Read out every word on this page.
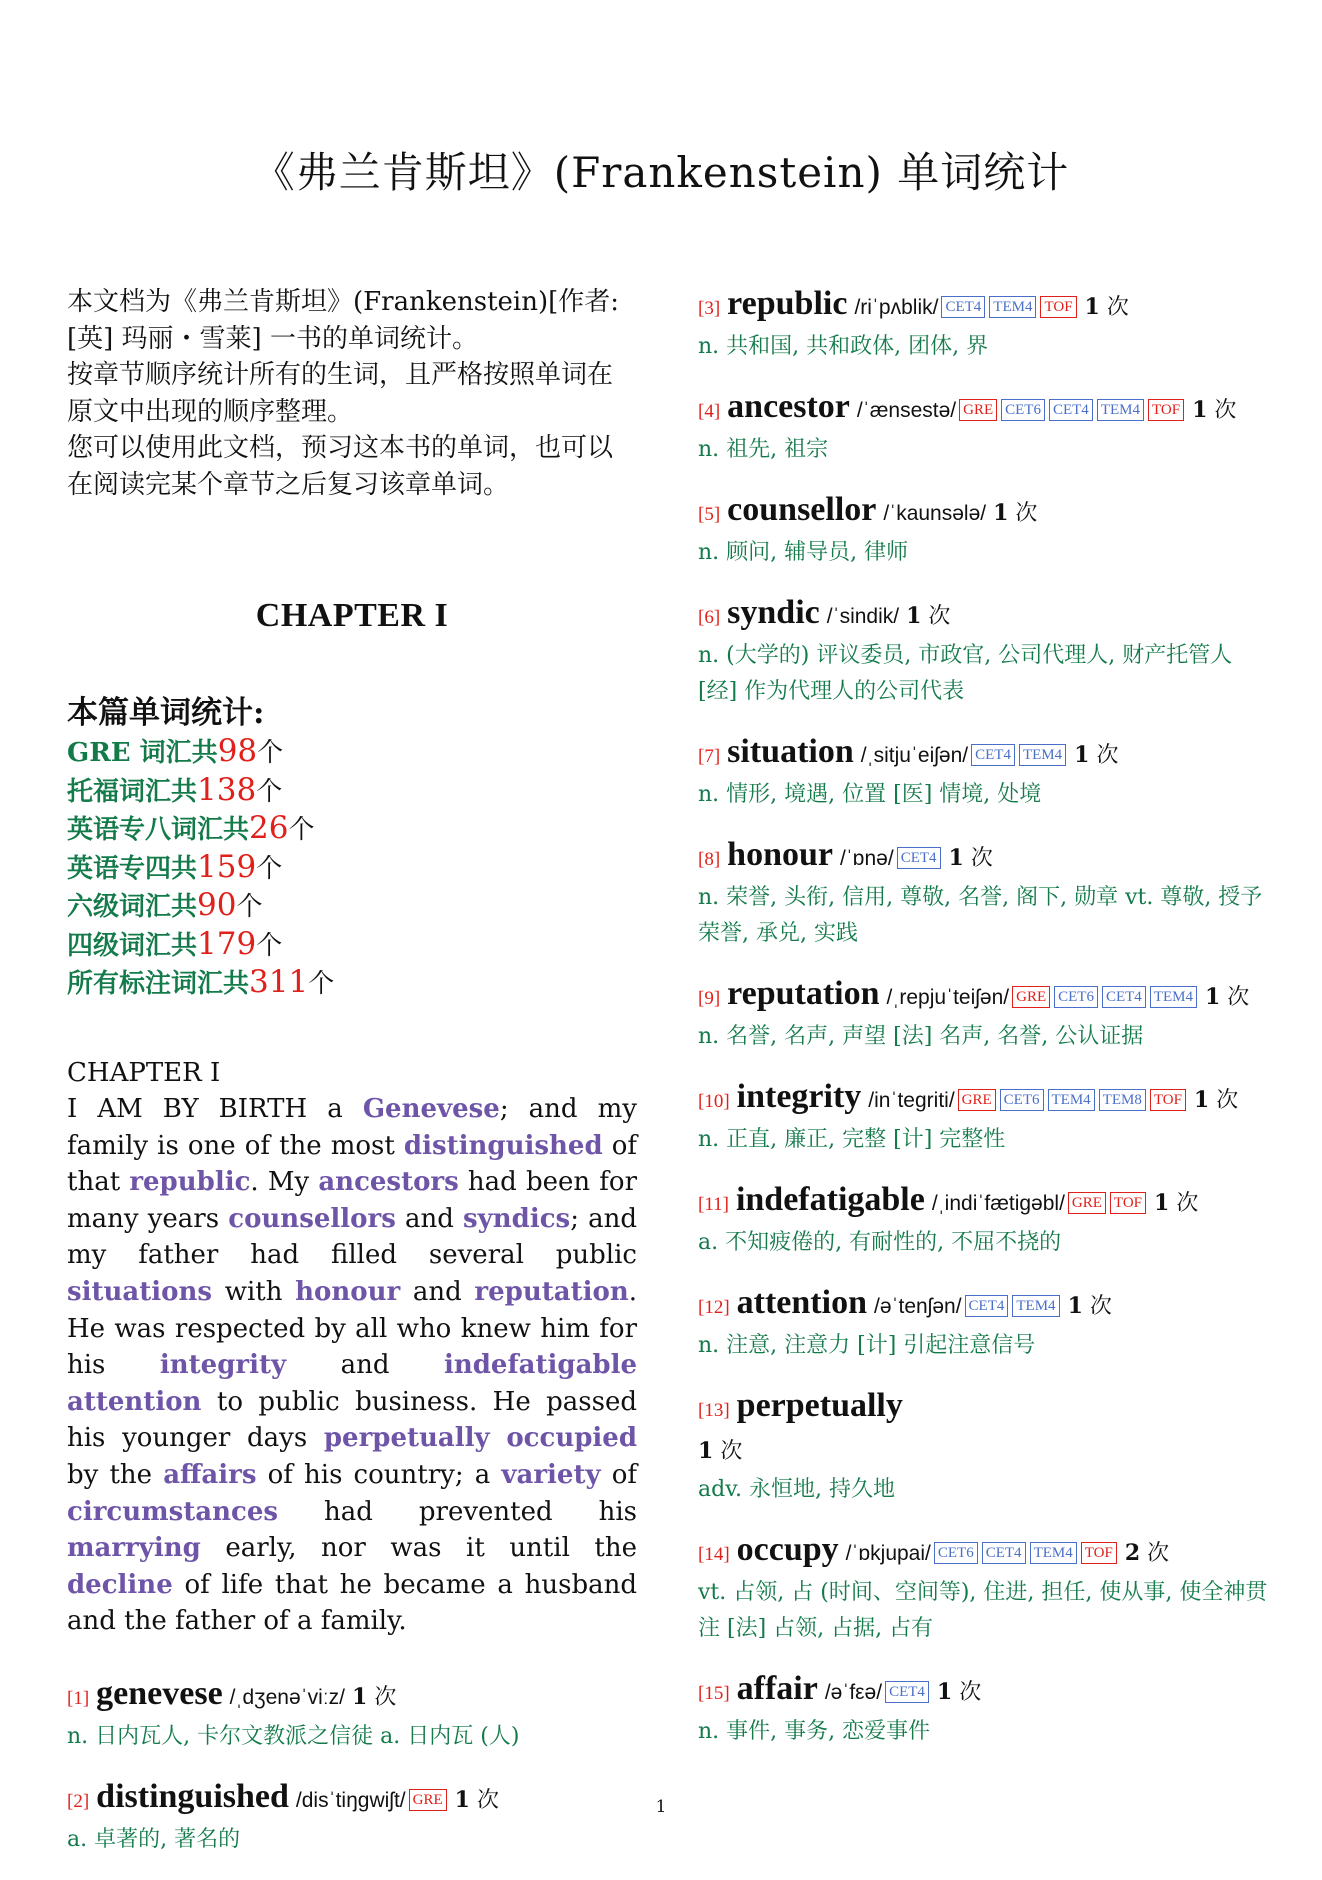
《弗兰肯斯坦》(Frankenstein) 单词统计

本文档为《弗兰肯斯坦》(Frankenstein)[作者: [英] 玛丽・雪莱] 一书的单词统计。

按章节顺序统计所有的生词，且严格按照单词在原文中出现的顺序整理。

您可以使用此文档，预习这本书的单词，也可以在阅读完某个章节之后复习该章单词。

CHAPTER I
本篇单词统计:
GRE 词汇共98个
托福词汇共138个
英语专八词汇共26个
英语专四共159个
六级词汇共90个
四级词汇共179个
所有标注词汇共311个
CHAPTER I
I AM BY BIRTH a Genevese; and my family is one of the most distinguished of that republic. My ancestors had been for many years counsellors and syndics; and my father had filled several public situations with honour and reputation. He was respected by all who knew him for his integrity and indefatigable attention to public business. He passed his younger days perpetually occupied by the affairs of his country; a variety of circumstances had prevented his marrying early, nor was it until the decline of life that he became a husband and the father of a family.
[1] genevese /ˌdʒenəˈviːz/ 1 次
n. 日内瓦人, 卡尔文教派之信徒 a. 日内瓦 (人)
[2] distinguished /disˈtiŋgwiʃt/ GRE 1 次
a. 卓著的, 著名的
[3] republic /riˈpʌblik/ CET4 TEM4 TOF 1 次
n. 共和国, 共和政体, 团体, 界
[4] ancestor /ˈænsestə/ GRE CET6 CET4 TEM4 TOF 1 次
n. 祖先, 祖宗
[5] counsellor /ˈkaunsələ/ 1 次
n. 顾问, 辅导员, 律师
[6] syndic /ˈsindik/ 1 次
n. (大学的) 评议委员, 市政官, 公司代理人, 财产托管人 [经] 作为代理人的公司代表
[7] situation /ˌsitjuˈeiʃən/ CET4 TEM4 1 次
n. 情形, 境遇, 位置 [医] 情境, 处境
[8] honour /ˈɒnə/ CET4 1 次
n. 荣誉, 头衔, 信用, 尊敬, 名誉, 阁下, 勋章 vt. 尊敬, 授予荣誉, 承兑, 实践
[9] reputation /ˌrepjuˈteiʃən/ GRE CET6 CET4 TEM4 1 次
n. 名誉, 名声, 声望 [法] 名声, 名誉, 公认证据
[10] integrity /inˈtegriti/ GRE CET6 TEM4 TEM8 TOF 1 次
n. 正直, 廉正, 完整 [计] 完整性
[11] indefatigable /ˌindiˈfætigəbl/ GRE TOF 1 次
a. 不知疲倦的, 有耐性的, 不屈不挠的
[12] attention /əˈtenʃən/ CET4 TEM4 1 次
n. 注意, 注意力 [计] 引起注意信号
[13] perpetually
1 次
adv. 永恒地, 持久地
[14] occupy /ˈɒkjupai/ CET6 CET4 TEM4 TOF 2 次
vt. 占领, 占 (时间、空间等), 住进, 担任, 使从事, 使全神贯注 [法] 占领, 占据, 占有
[15] affair /əˈfεə/ CET4 1 次
n. 事件, 事务, 恋爱事件
1
